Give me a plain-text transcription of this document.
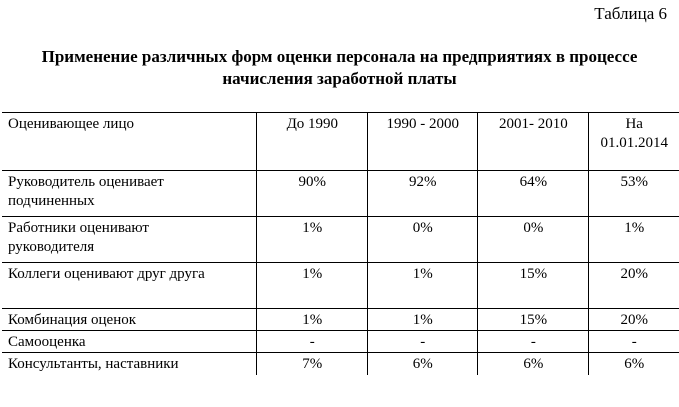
Таблица 6
Применение различных форм оценки персонала на предприятиях в процессе
начисления заработной платы
Оценивающее лицо	До 1990	1990 - 2000	2001- 2010	На
01.01.2014

Руководитель оценивает
подчиненных	90%	92%	64%	53%

Работники оценивают
руководителя	1%	0%	0%	1%

Коллеги оценивают друг друга	1%	1%	15%	20%
Комбинация оценок	1%	1%	15%	20%
Самооценка	-	-	-	-
Консультанты, наставники	7%	6%	6%	6%
